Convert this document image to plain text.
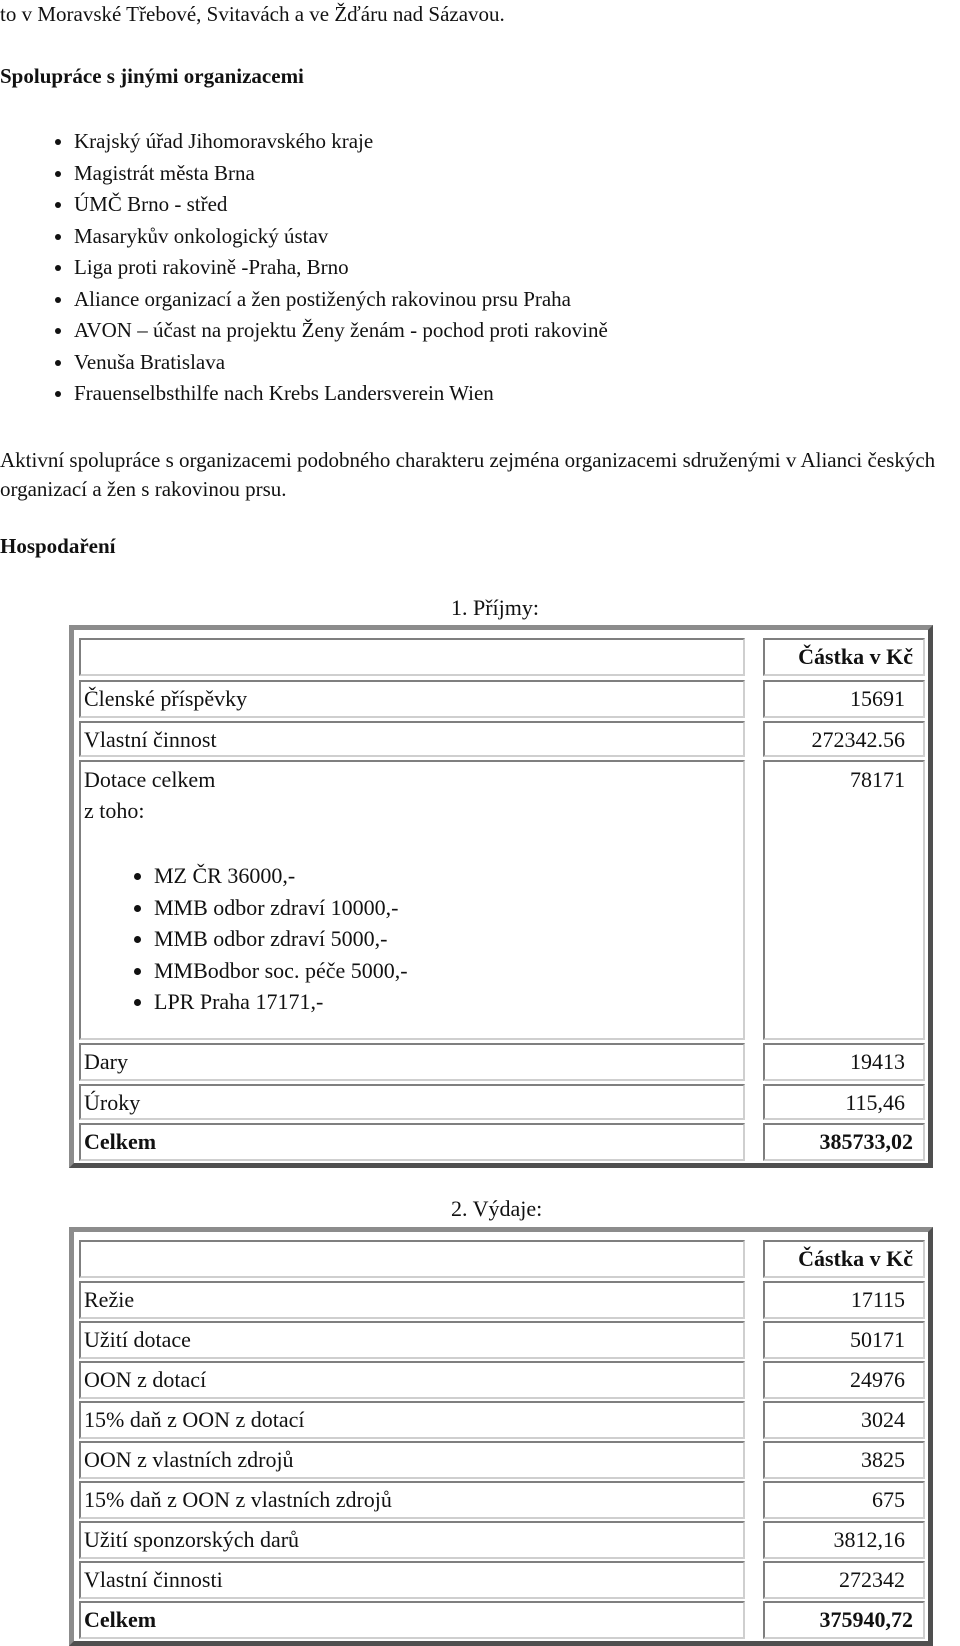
to v Moravské Třebové, Svitavách a ve Žďáru nad Sázavou.
Spolupráce s jinými organizacemi
• Krajský úřad Jihomoravského kraje
• Magistrát města Brna
• ÚMČ Brno - střed
• Masarykův onkologický ústav
• Liga proti rakovině -Praha, Brno
• Aliance organizací a žen postižených rakovinou prsu Praha
• AVON – účast na projektu Ženy ženám - pochod proti rakovině
• Venuša Bratislava
• Frauenselbsthilfe nach Krebs Landersverein Wien
Aktivní spolupráce s organizacemi podobného charakteru zejména organizacemi sdruženými v Alianci českých organizací a žen s rakovinou prsu.
Hospodaření
1. Příjmy:
Částka v Kč
Členské příspěvky	15691
Vlastní činnost	272342.56
Dotace celkem
z toho:
• MZ ČR 36000,-
• MMB odbor zdraví 10000,-
• MMB odbor zdraví 5000,-
• MMBodbor soc. péče 5000,-
• LPR Praha 17171,-
78171
Dary	19413
Úroky	115,46
Celkem	385733,02
2. Výdaje:
Částka v Kč
Režie	17115
Užití dotace	50171
OON z dotací	24976
15% daň z OON z dotací	3024
OON z vlastních zdrojů	3825
15% daň z OON z vlastních zdrojů	675
Užití sponzorských darů	3812,16
Vlastní činnosti	272342
Celkem	375940,72
